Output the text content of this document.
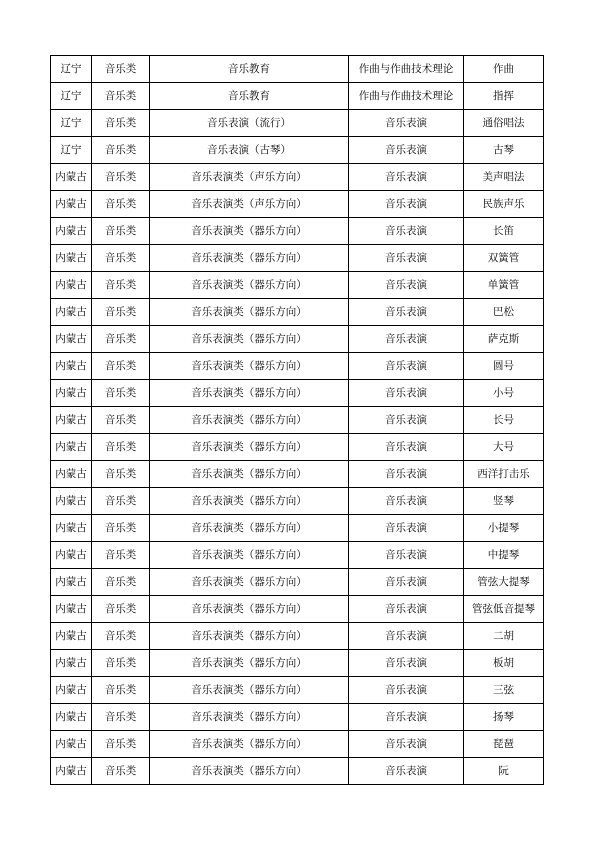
辽宁	音乐类	音乐教育	作曲与作曲技术理论	作曲
辽宁	音乐类	音乐教育	作曲与作曲技术理论	指挥
辽宁	音乐类	音乐表演（流行）	音乐表演	通俗唱法
辽宁	音乐类	音乐表演（古琴）	音乐表演	古琴
内蒙古	音乐类	音乐表演类（声乐方向）	音乐表演	美声唱法
内蒙古	音乐类	音乐表演类（声乐方向）	音乐表演	民族声乐
内蒙古	音乐类	音乐表演类（器乐方向）	音乐表演	长笛
内蒙古	音乐类	音乐表演类（器乐方向）	音乐表演	双簧管
内蒙古	音乐类	音乐表演类（器乐方向）	音乐表演	单簧管
内蒙古	音乐类	音乐表演类（器乐方向）	音乐表演	巴松
内蒙古	音乐类	音乐表演类（器乐方向）	音乐表演	萨克斯
内蒙古	音乐类	音乐表演类（器乐方向）	音乐表演	圆号
内蒙古	音乐类	音乐表演类（器乐方向）	音乐表演	小号
内蒙古	音乐类	音乐表演类（器乐方向）	音乐表演	长号
内蒙古	音乐类	音乐表演类（器乐方向）	音乐表演	大号
内蒙古	音乐类	音乐表演类（器乐方向）	音乐表演	西洋打击乐
内蒙古	音乐类	音乐表演类（器乐方向）	音乐表演	竖琴
内蒙古	音乐类	音乐表演类（器乐方向）	音乐表演	小提琴
内蒙古	音乐类	音乐表演类（器乐方向）	音乐表演	中提琴
内蒙古	音乐类	音乐表演类（器乐方向）	音乐表演	管弦大提琴
内蒙古	音乐类	音乐表演类（器乐方向）	音乐表演	管弦低音提琴
内蒙古	音乐类	音乐表演类（器乐方向）	音乐表演	二胡
内蒙古	音乐类	音乐表演类（器乐方向）	音乐表演	板胡
内蒙古	音乐类	音乐表演类（器乐方向）	音乐表演	三弦
内蒙古	音乐类	音乐表演类（器乐方向）	音乐表演	扬琴
内蒙古	音乐类	音乐表演类（器乐方向）	音乐表演	琵琶
内蒙古	音乐类	音乐表演类（器乐方向）	音乐表演	阮
